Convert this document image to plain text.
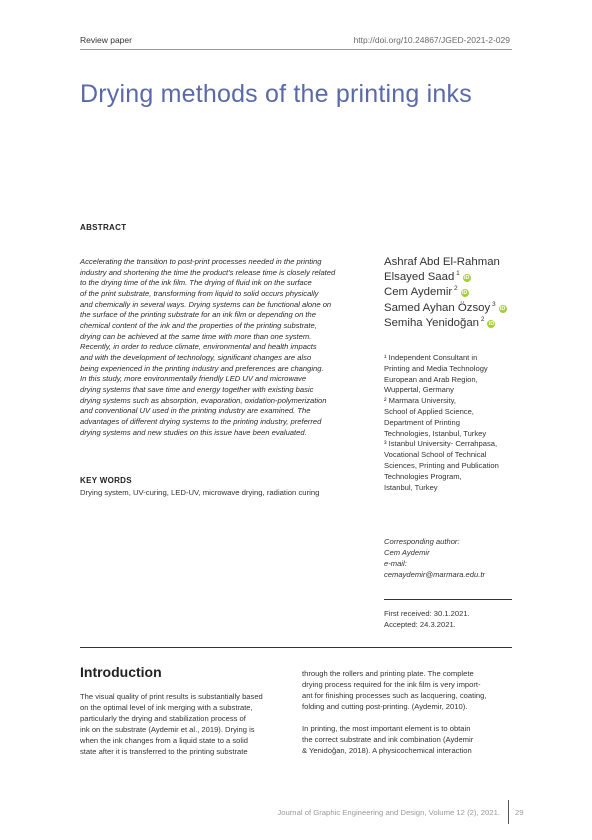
Review paper	http://doi.org/10.24867/JGED-2021-2-029
Drying methods of the printing inks
ABSTRACT
Accelerating the transition to post-print processes needed in the printing
industry and shortening the time the product’s release time is closely related
to the drying time of the ink film. The drying of fluid ink on the surface
of the print substrate, transforming from liquid to solid occurs physically
and chemically in several ways. Drying systems can be functional alone on
the surface of the printing substrate for an ink film or depending on the
chemical content of the ink and the properties of the printing substrate,
drying can be achieved at the same time with more than one system.
Recently, in order to reduce climate, environmental and health impacts
and with the development of technology, significant changes are also
being experienced in the printing industry and preferences are changing.
In this study, more environmentally friendly LED UV and microwave
drying systems that save time and energy together with existing basic
drying systems such as absorption, evaporation, oxidation-polymerization
and conventional UV used in the printing industry are examined. The
advantages of different drying systems to the printing industry, preferred
drying systems and new studies on this issue have been evaluated.
KEY WORDS
Drying system, UV-curing, LED-UV, microwave drying, radiation curing
Ashraf Abd El-Rahman
Elsayed Saad $^1$iD
Cem Aydemir $^2$iD
Samed Ayhan Özsoy $^3$iD
Semiha Yenidoğan $^2$iD

¹ Independent Consultant in
Printing and Media Technology
European and Arab Region,
Wuppertal, Germany

² Marmara University,
School of Applied Science,
Department of Printing
Technologies, Istanbul, Turkey

³ Istanbul University- Cerrahpasa,
Vocational School of Technical
Sciences, Printing and Publication
Technologies Program,
Istanbul, Turkey

Corresponding author:
Cem Aydemir
e-mail:
cemaydemir@marmara.edu.tr
First received: 30.1.2021.
Accepted: 24.3.2021.
Introduction

The visual quality of print results is substantially based
on the optimal level of ink merging with a substrate,
particularly the drying and stabilization process of
ink on the substrate (Aydemir et al., 2019). Drying is
when the ink changes from a liquid state to a solid
state after it is transferred to the printing substrate

through the rollers and printing plate. The complete
drying process required for the ink film is very import-
ant for finishing processes such as lacquering, coating,
folding and cutting post-printing. (Aydemir, 2010).

In printing, the most important element is to obtain
the correct substrate and ink combination (Aydemir
& Yenidoğan, 2018). A physicochemical interaction

Journal of Graphic Engineering and Design, Volume 12 (2), 2021. 29
